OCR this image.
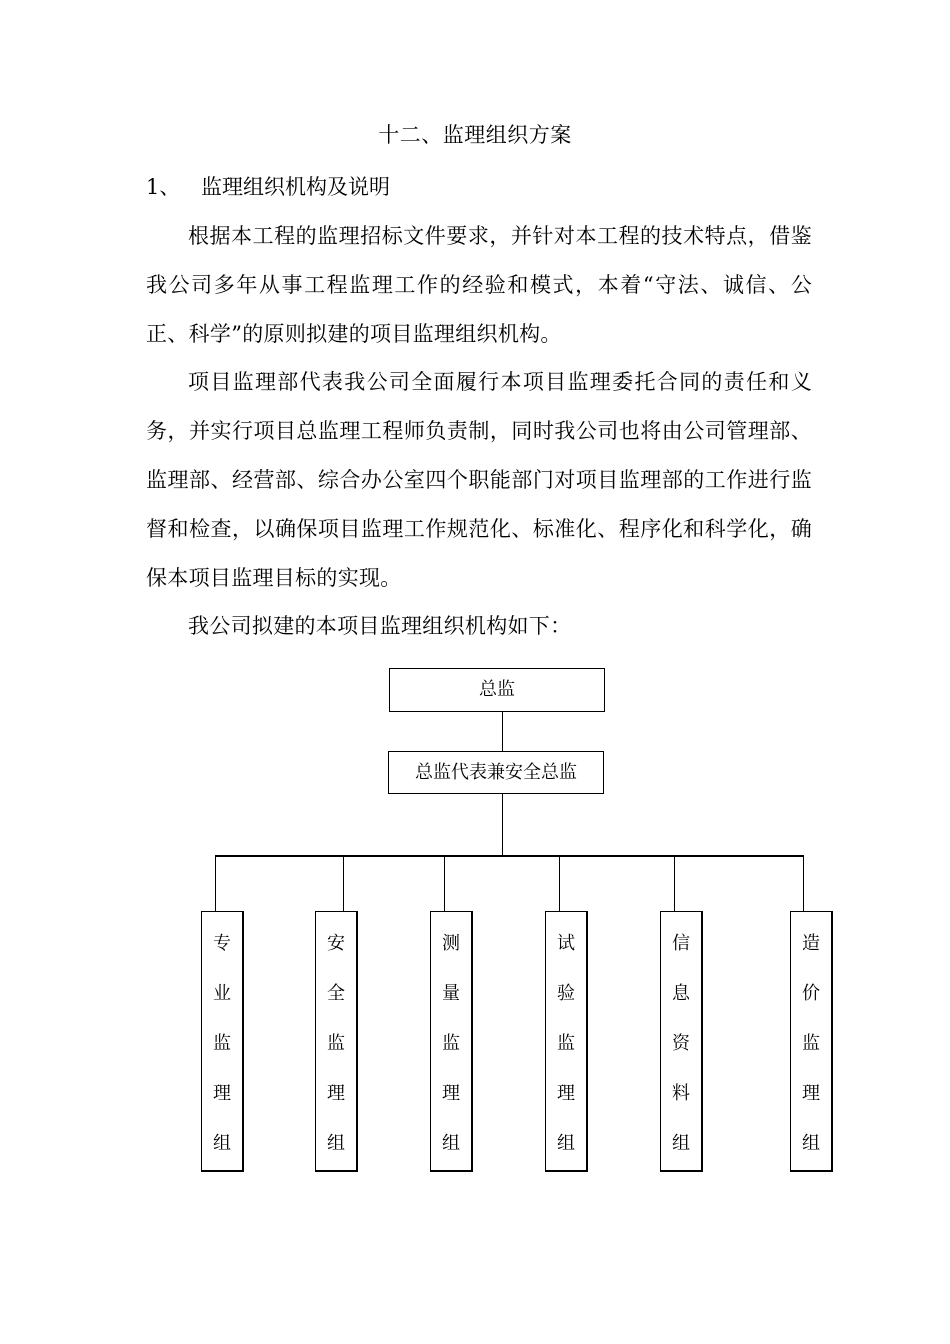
十二、监理组织方案
1、 监理组织机构及说明

根据本工程的监理招标文件要求，并针对本工程的技术特点，借鉴我公司多年从事工程监理工作的经验和模式，本着“守法、诚信、公正、科学”的原则拟建的项目监理组织机构。

项目监理部代表我公司全面履行本项目监理委托合同的责任和义务，并实行项目总监理工程师负责制，同时我公司也将由公司管理部、监理部、经营部、综合办公室四个职能部门对项目监理部的工作进行监督和检查，以确保项目监理工作规范化、标准化、程序化和科学化，确保本项目监理目标的实现。

我公司拟建的本项目监理组织机构如下：

总监
总监代表兼安全总监
专
业
监
理
组
安
全
监
理
组
测
量
监
理
组
试
验
监
理
组
信
息
资
料
组
造
价
监
理
组
